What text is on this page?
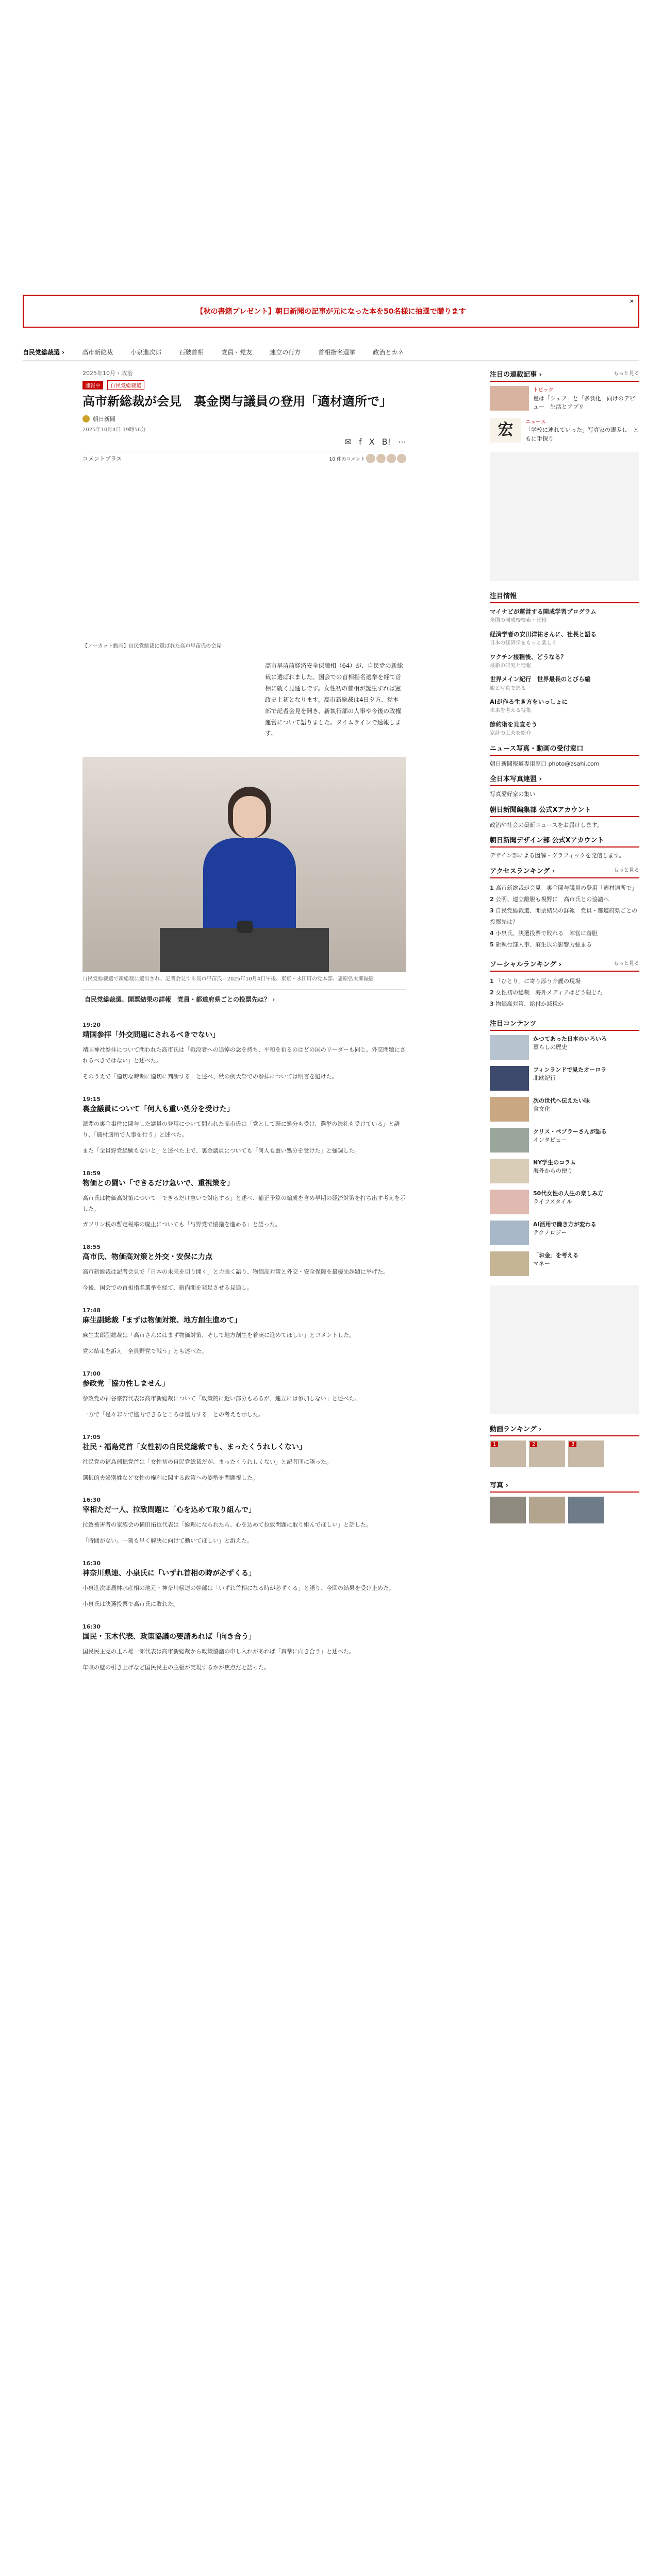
【秋の書籍プレゼント】朝日新聞の記事が元になった本を50名様に抽選で贈ります
×
自民党総裁選 ›	高市新総裁	小泉進次郎	石破首相	党員・党友	連立の行方	首相指名選挙	政治とカネ
2025年10月 › 政治
速報中 自民党総裁選
高市新総裁が会見　裏金関与議員の登用「適材適所で」
朝日新聞
2025年10月4日 19時56分
✉ f X B! ⋯
コメントプラス	10 件のコメント
【ノーカット動画】自民党総裁に選ばれた高市早苗氏の会見

高市早苗前経済安全保障相（64）が、自民党の新総裁に選ばれました。国会での首相指名選挙を経て首相に就く見通しです。女性初の首相が誕生すれば憲政史上初となります。高市新総裁は4日夕方、党本部で記者会見を開き、新執行部の人事や今後の政権運営について語りました。タイムラインで速報します。

自民党総裁選で新総裁に選出され、記者会見する高市早苗氏＝2025年10月4日午後、東京・永田町の党本部、恵原弘太郎撮影
自民党総裁選、開票結果の詳報　党員・都道府県ごとの投票先は？ ›
19:20
靖国参拝「外交問題にされるべきでない」

靖国神社参拝について問われた高市氏は「戦没者への追悼の念を持ち、平和を祈るのはどの国のリーダーも同じ。外交問題にされるべきではない」と述べた。

そのうえで「適切な時期に適切に判断する」と述べ、秋の例大祭での参拝については明言を避けた。

19:15
裏金議員について「何人も重い処分を受けた」

派閥の裏金事件に関与した議員の登用について問われた高市氏は「党として既に処分も受け、選挙の洗礼も受けている」と語り、「適材適所で人事を行う」と述べた。

また「全員野党経験もないと」と述べた上で、裏金議員についても「何人も重い処分を受けた」と強調した。

18:59
物価との闘い「できるだけ急いで、重視策を」

高市氏は物価高対策について「できるだけ急いで対応する」と述べ、補正予算の編成を含め早期の経済対策を打ち出す考えを示した。

ガソリン税の暫定税率の廃止についても「与野党で協議を進める」と語った。

18:55
高市氏、物価高対策と外交・安保に力点

高市新総裁は記者会見で「日本の未来を切り開く」と力強く語り、物価高対策と外交・安全保障を最優先課題に挙げた。

今後、国会での首相指名選挙を経て、新内閣を発足させる見通し。

17:48
麻生副総裁「まずは物価対策、地方創生進めて」

麻生太郎副総裁は「高市さんにはまず物価対策、そして地方創生を着実に進めてほしい」とコメントした。

党の結束を訴え「全員野党で戦う」とも述べた。

17:00
参政党「協力性しません」

参政党の神谷宗幣代表は高市新総裁について「政策的に近い部分もあるが、連立には参加しない」と述べた。

一方で「是々非々で協力できるところは協力する」との考えも示した。

17:05
社民・福島党首「女性初の自民党総裁でも、まったくうれしくない」

社民党の福島瑞穂党首は「女性初の自民党総裁だが、まったくうれしくない」と記者団に語った。

選択的夫婦別姓など女性の権利に関する政策への姿勢を問題視した。

16:30
宰相ただ一人、拉致問題に「心を込めて取り組んで」

拉致被害者の家族会の横田拓也代表は「総理になられたら、心を込めて拉致問題に取り組んでほしい」と話した。

「時間がない。一刻も早く解決に向けて動いてほしい」と訴えた。

16:30
神奈川県連、小泉氏に「いずれ首相の時が必ずくる」

小泉進次郎農林水産相の地元・神奈川県連の幹部は「いずれ首相になる時が必ずくる」と語り、今回の結果を受け止めた。

小泉氏は決選投票で高市氏に敗れた。

16:30
国民・玉木代表、政策協議の要請あれば「向き合う」

国民民主党の玉木雄一郎代表は高市新総裁から政策協議の申し入れがあれば「真摯に向き合う」と述べた。

年収の壁の引き上げなど国民民主の主張が実現するかが焦点だと語った。

注目の連載記事 ›	もっと見る
トピック
夏は「シェア」と「多食化」向けのデビュー　生活とアプリ
宏	ニュース
「学校に連れていった」写真家の眼差し　ともに手探り
注目情報
マイナビが運営する開成学習プログラム
全国の開成校検索・比較
経済学者の安田洋祐さんに、社長と語る
日本の経済学をもっと楽しく
ワクチン接種後、どうなる？
最新の研究と情報
世界メイン紀行　世界最長のとびら編
旅と写真で巡る
AIが作る生き方をいっしょに
未来を考える特集
節約術を見直そう
家計の工夫を紹介
ニュース写真・動画の受付窓口
朝日新聞報道専用窓口 photo@asahi.com
全日本写真連盟 ›
写真愛好家の集い
朝日新聞編集部 公式Xアカウント
政治や社会の最新ニュースをお届けします。
朝日新聞デザイン部 公式Xアカウント
デザイン部による図解・グラフィックを発信します。
アクセスランキング ›	もっと見る
1 高市新総裁が会見　裏金関与議員の登用「適材適所で」
2 公明、連立離脱も視野に　高市氏との協議へ
3 自民党総裁選、開票結果の詳報　党員・都道府県ごとの投票先は？
4 小泉氏、決選投票で敗れる　陣営に落胆
5 新執行部人事、麻生氏の影響力強まる
ソーシャルランキング ›	もっと見る
1 「ひとり」に寄り添う介護の現場
2 女性初の総裁　海外メディアはどう報じた
3 物価高対策、給付か減税か
注目コンテンツ
かつてあった日本のいろいろ
暮らしの歴史
フィンランドで見たオーロラ
北欧紀行
次の世代へ伝えたい味
食文化
クリス・ペプラーさんが語る
インタビュー
NY学生のコラム
海外からの便り
50代女性の人生の楽しみ方
ライフスタイル
AI活用で働き方が変わる
テクノロジー
「お金」を考える
マネー
動画ランキング ›
1	2	3
写真 ›
